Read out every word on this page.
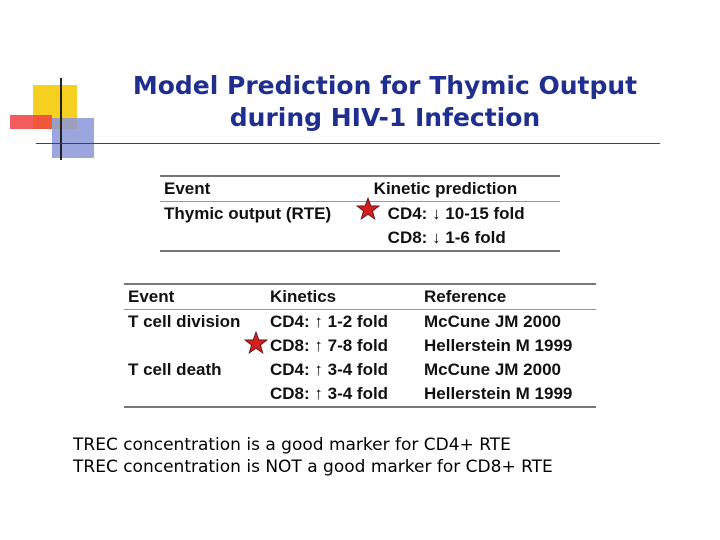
Model Prediction for Thymic Output
during HIV-1 Infection
Event	Kinetic prediction
Thymic output (RTE)	CD4: ↓ 10-15 fold
	CD8: ↓ 1-6 fold
Event	Kinetics	Reference
T cell division	CD4: ↑ 1-2 fold	McCune JM 2000
	CD8: ↑ 7-8 fold	Hellerstein M 1999
T cell death	CD4: ↑ 3-4 fold	McCune JM 2000
	CD8: ↑ 3-4 fold	Hellerstein M 1999
TREC concentration is a good marker for CD4+ RTE
TREC concentration is NOT a good marker for CD8+ RTE
